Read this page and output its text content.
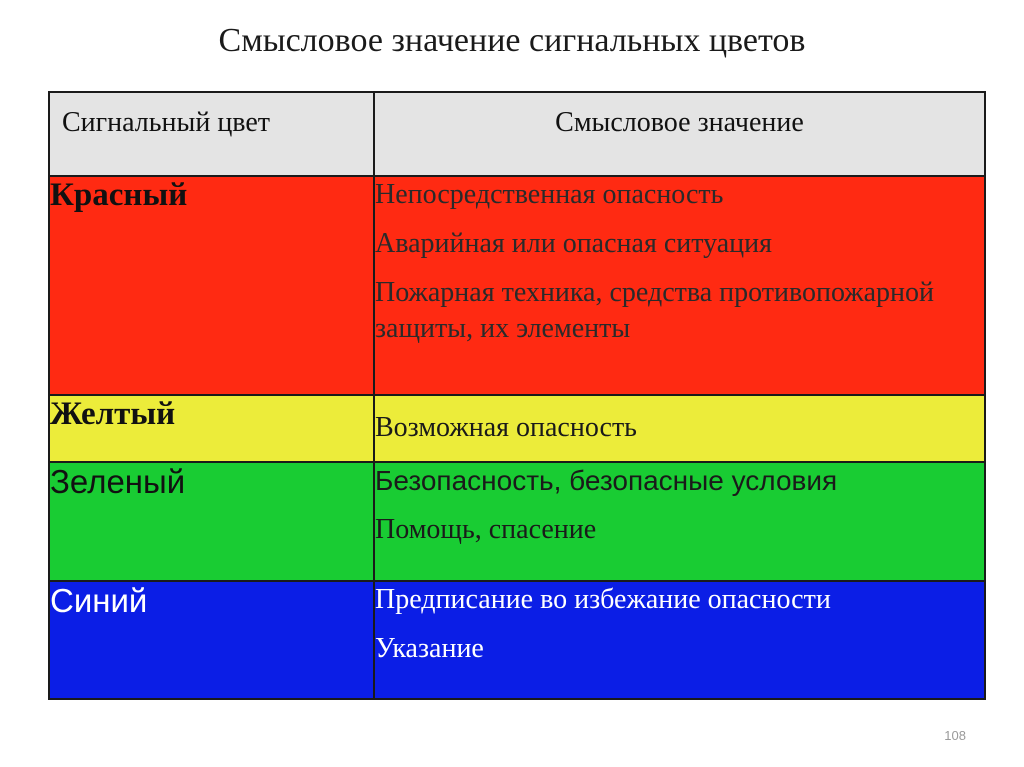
Смысловое значение сигнальных цветов
Сигнальный цвет	Смысловое значение
Красный	Непосредственная опасность
Аварийная или опасная ситуация
Пожарная техника, средства противопожарной защиты, их элементы

Желтый	Возможная опасность

Зеленый	Безопасность, безопасные условия
Помощь, спасение

Синий	Предписание во избежание опасности
Указание
108
